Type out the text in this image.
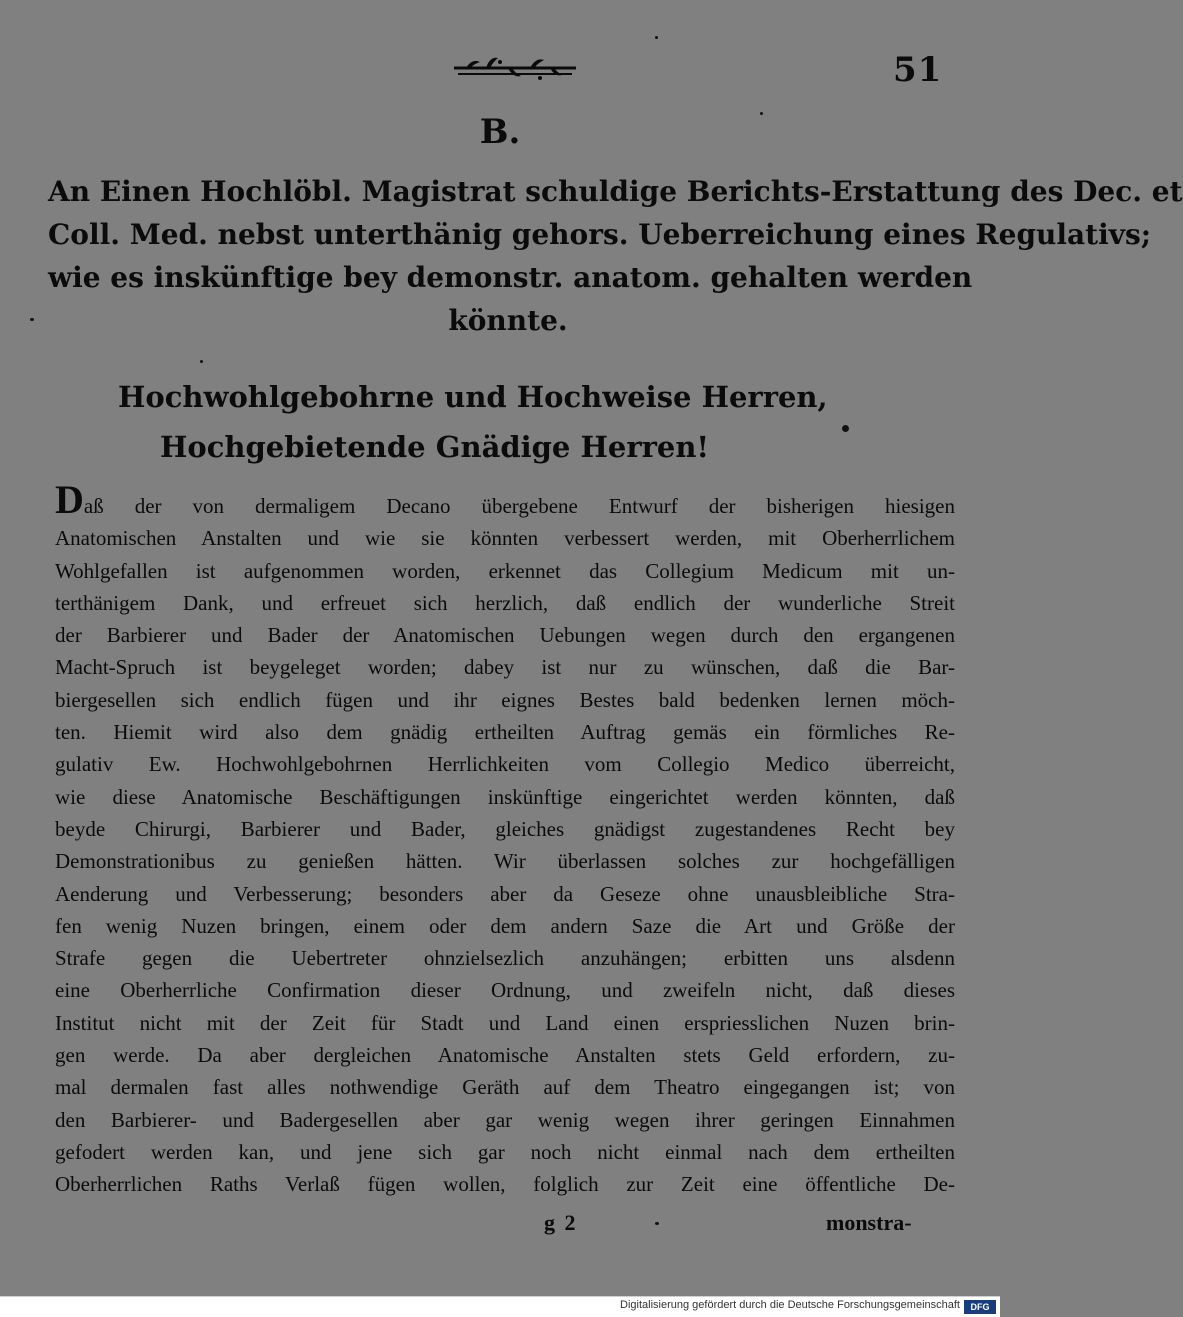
51
B.
An Einen Hochlöbl. Magistrat schuldige Berichts-Erstattung des Dec. et
Coll. Med. nebst unterthänig gehors. Ueberreichung eines Regulativs;
wie es inskünftige bey demonstr. anatom. gehalten werden
könnte.
Hochwohlgebohrne und Hochweise Herren,
Hochgebietende Gnädige Herren!
Daß der von dermaligem Decano übergebene Entwurf der bisherigen hiesigen
Anatomischen Anstalten und wie sie könnten verbessert werden, mit Oberherrlichem
Wohlgefallen ist aufgenommen worden, erkennet das Collegium Medicum mit un-
terthänigem Dank, und erfreuet sich herzlich, daß endlich der wunderliche Streit
der Barbierer und Bader der Anatomischen Uebungen wegen durch den ergangenen
Macht-Spruch ist beygeleget worden; dabey ist nur zu wünschen, daß die Bar-
biergesellen sich endlich fügen und ihr eignes Bestes bald bedenken lernen möch-
ten. Hiemit wird also dem gnädig ertheilten Auftrag gemäs ein förmliches Re-
gulativ Ew. Hochwohlgebohrnen Herrlichkeiten vom Collegio Medico überreicht,
wie diese Anatomische Beschäftigungen inskünftige eingerichtet werden könnten, daß
beyde Chirurgi, Barbierer und Bader, gleiches gnädigst zugestandenes Recht bey
Demonstrationibus zu genießen hätten. Wir überlassen solches zur hochgefälligen
Aenderung und Verbesserung; besonders aber da Geseze ohne unausbleibliche Stra-
fen wenig Nuzen bringen, einem oder dem andern Saze die Art und Größe der
Strafe gegen die Uebertreter ohnzielsezlich anzuhängen; erbitten uns alsdenn
eine Oberherrliche Confirmation dieser Ordnung, und zweifeln nicht, daß dieses
Institut nicht mit der Zeit für Stadt und Land einen erspriesslichen Nuzen brin-
gen werde. Da aber dergleichen Anatomische Anstalten stets Geld erfordern, zu-
mal dermalen fast alles nothwendige Geräth auf dem Theatro eingegangen ist; von
den Barbierer- und Badergesellen aber gar wenig wegen ihrer geringen Einnahmen
gefodert werden kan, und jene sich gar noch nicht einmal nach dem ertheilten
Oberherrlichen Raths Verlaß fügen wollen, folglich zur Zeit eine öffentliche De-
g 2	monstra-
Digitalisierung gefördert durch die Deutsche Forschungsgemeinschaft	DFG
